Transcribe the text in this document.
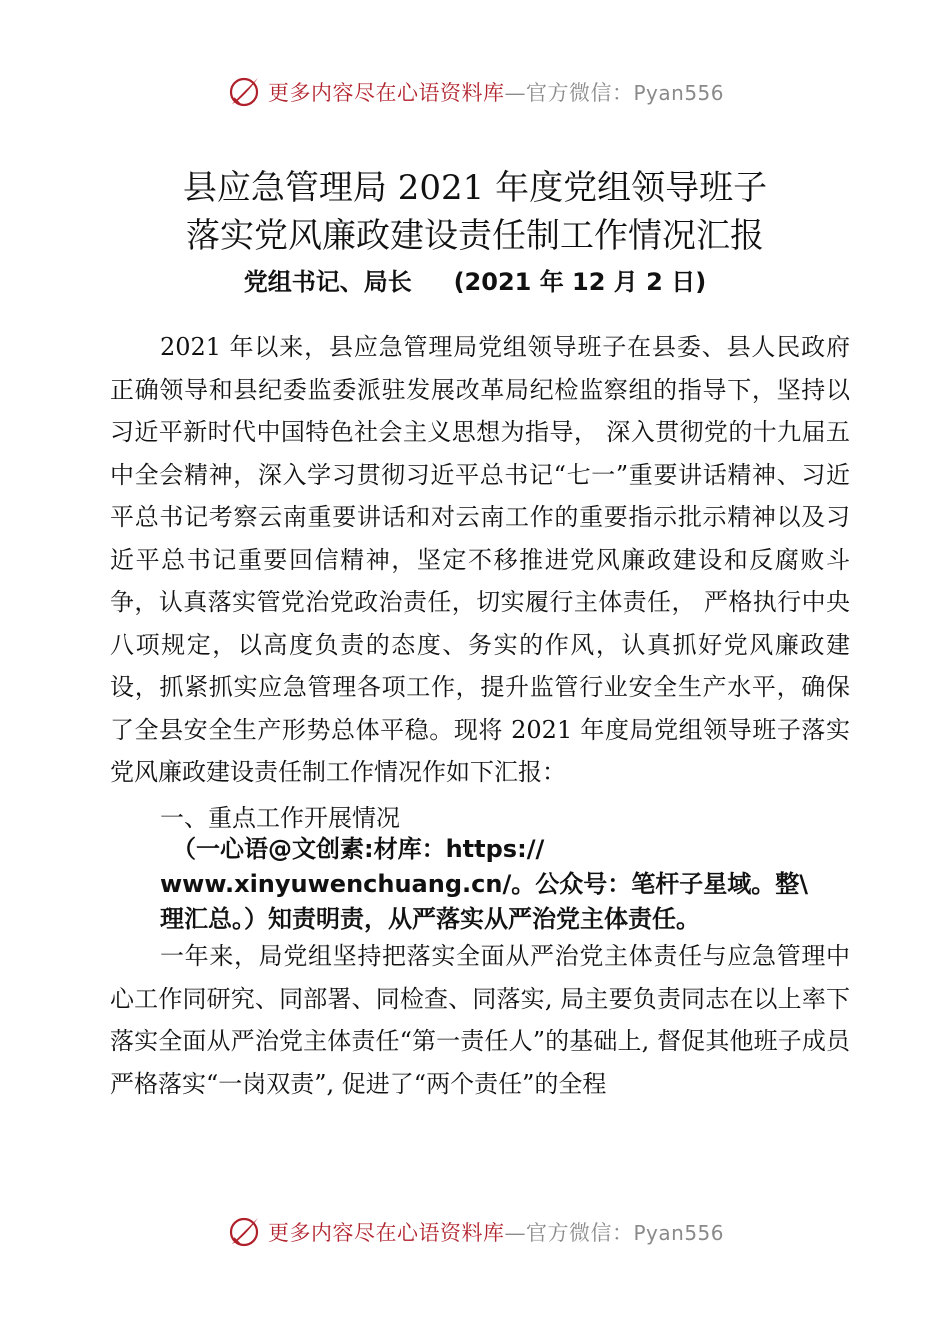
更多内容尽在心语资料库—官方微信：Pyan556
县应急管理局 2021 年度党组领导班子
落实党风廉政建设责任制工作情况汇报
党组书记、局长     (2021 年 12 月 2 日)

2021 年以来，县应急管理局党组领导班子在县委、县人民政府正确领导和县纪委监委派驻发展改革局纪检监察组的指导下，坚持以习近平新时代中国特色社会主义思想为指导， 深入贯彻党的十九届五中全会精神，深入学习贯彻习近平总书记“七一”重要讲话精神、习近平总书记考察云南重要讲话和对云南工作的重要指示批示精神以及习近平总书记重要回信精神，坚定不移推进党风廉政建设和反腐败斗争，认真落实管党治党政治责任，切实履行主体责任， 严格执行中央八项规定，以高度负责的态度、务实的作风，认真抓好党风廉政建设，抓紧抓实应急管理各项工作，提升监管行业安全生产水平，确保了全县安全生产形势总体平稳。现将 2021 年度局党组领导班子落实党风廉政建设责任制工作情况作如下汇报：

一、重点工作开展情况
（一心语@文创素:材库：https://
www.xinyuwenchuang.cn/。公众号：笔杆子星域。整\
理汇总。）知责明责，从严落实从严治党主体责任。

一年来，局党组坚持把落实全面从严治党主体责任与应急管理中心工作同研究、同部署、同检查、同落实, 局主要负责同志在以上率下落实全面从严治党主体责任“第一责任人”的基础上, 督促其他班子成员严格落实“一岗双责”, 促进了“两个责任”的全程

更多内容尽在心语资料库—官方微信：Pyan556
